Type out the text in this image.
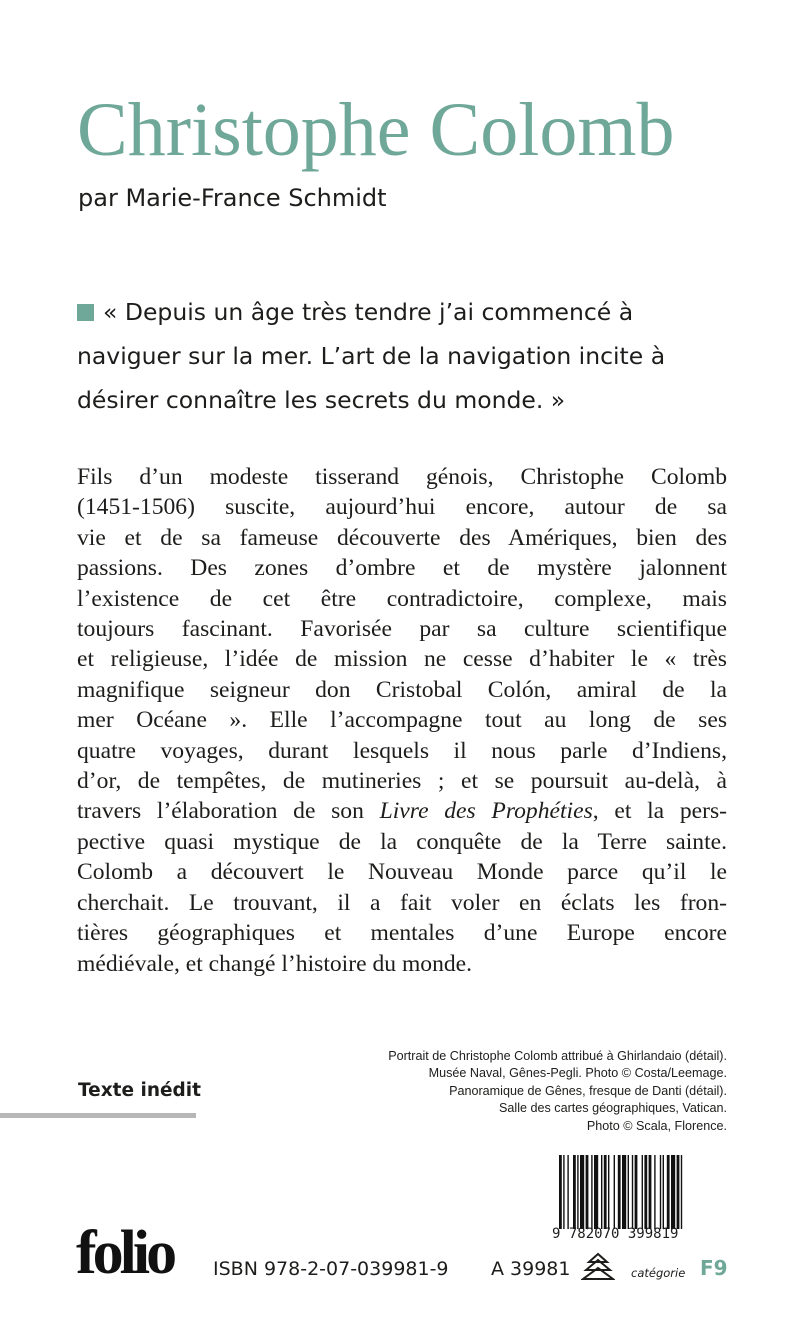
Christophe Colomb
par Marie-France Schmidt

« Depuis un âge très tendre j’ai commencé à naviguer sur la mer. L’art de la navigation incite à désirer connaître les secrets du monde. »

Fils d’un modeste tisserand génois, Christophe Colomb
(1451-1506) suscite, aujourd’hui encore, autour de sa
vie et de sa fameuse découverte des Amériques, bien des
passions. Des zones d’ombre et de mystère jalonnent
l’existence de cet être contradictoire, complexe, mais
toujours fascinant. Favorisée par sa culture scientifique
et religieuse, l’idée de mission ne cesse d’habiter le « très
magnifique seigneur don Cristobal Colón, amiral de la
mer Océane ». Elle l’accompagne tout au long de ses
quatre voyages, durant lesquels il nous parle d’Indiens,
d’or, de tempêtes, de mutineries ; et se poursuit au-delà, à
travers l’élaboration de son Livre des Prophéties, et la pers-
pective quasi mystique de la conquête de la Terre sainte.
Colomb a découvert le Nouveau Monde parce qu’il le
cherchait. Le trouvant, il a fait voler en éclats les fron-
tières géographiques et mentales d’une Europe encore
médiévale, et changé l’histoire du monde.
Portrait de Christophe Colomb attribué à Ghirlandaio (détail).
Musée Naval, Gênes-Pegli. Photo © Costa/Leemage.
Panoramique de Gênes, fresque de Danti (détail).
Salle des cartes géographiques, Vatican.
Photo © Scala, Florence.
Texte inédit
9 782070 399819
folio ISBN 978-2-07-039981-9 A 39981	catégorie F9
